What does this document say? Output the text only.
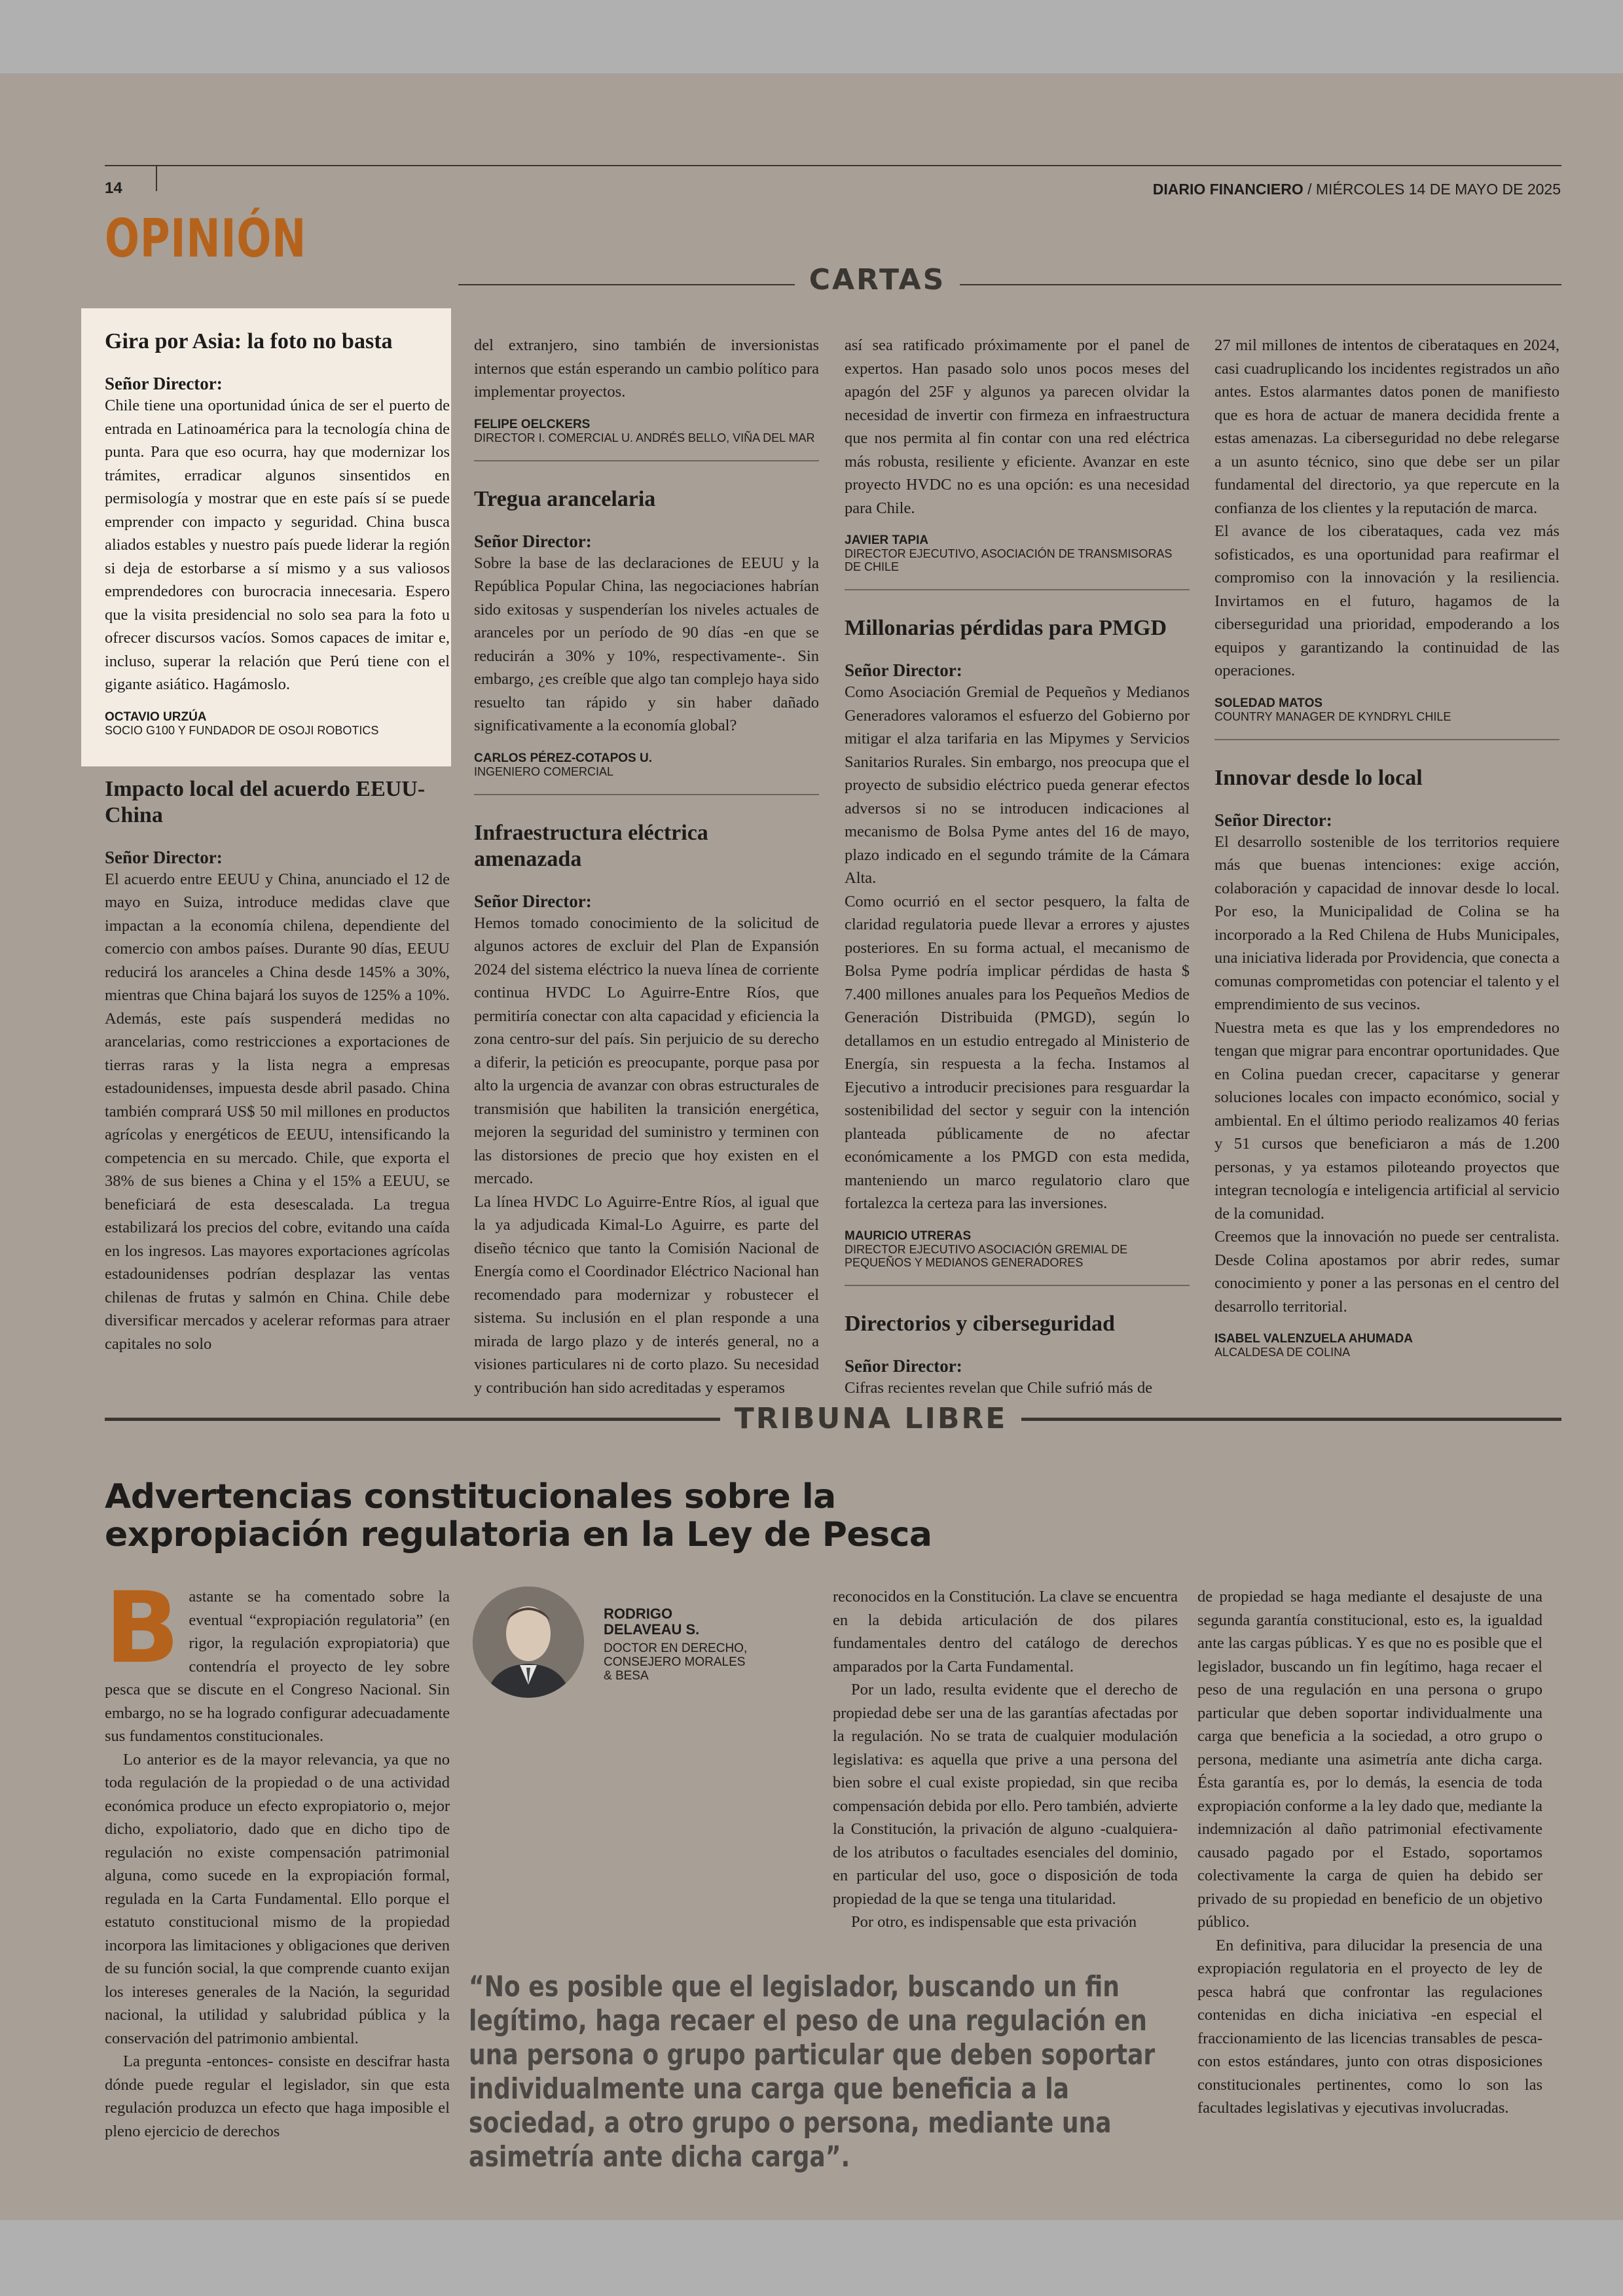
14	DIARIO FINANCIERO / MIÉRCOLES 14 DE MAYO DE 2025
OPINIÓN
CARTAS
Gira por Asia: la foto no basta
Señor Director:

Chile tiene una oportunidad única de ser el puerto de entrada en Latinoamérica para la tecnología china de punta. Para que eso ocurra, hay que modernizar los trámites, erradicar algunos sinsentidos en permisología y mostrar que en este país sí se puede emprender con impacto y seguridad. China busca aliados estables y nuestro país puede liderar la región si deja de estorbarse a sí mismo y a sus valiosos emprendedores con burocracia innecesaria. Espero que la visita presidencial no solo sea para la foto u ofrecer discursos vacíos. Somos capaces de imitar e, incluso, superar la relación que Perú tiene con el gigante asiático. Hagámoslo.

OCTAVIO URZÚA
SOCIO G100 Y FUNDADOR DE OSOJI ROBOTICS
Impacto local del acuerdo EEUU-China
Señor Director:

El acuerdo entre EEUU y China, anunciado el 12 de mayo en Suiza, introduce medidas clave que impactan a la economía chilena, dependiente del comercio con ambos países. Durante 90 días, EEUU reducirá los aranceles a China desde 145% a 30%, mientras que China bajará los suyos de 125% a 10%. Además, este país suspenderá medidas no arancelarias, como restricciones a exportaciones de tierras raras y la lista negra a empresas estadounidenses, impuesta desde abril pasado. China también comprará US$ 50 mil millones en productos agrícolas y energéticos de EEUU, intensificando la competencia en su mercado. Chile, que exporta el 38% de sus bienes a China y el 15% a EEUU, se beneficiará de esta desescalada. La tregua estabilizará los precios del cobre, evitando una caída en los ingresos. Las mayores exportaciones agrícolas estadounidenses podrían desplazar las ventas chilenas de frutas y salmón en China. Chile debe diversificar mercados y acelerar reformas para atraer capitales no solo

del extranjero, sino también de inversionistas internos que están esperando un cambio político para implementar proyectos.

FELIPE OELCKERS
DIRECTOR I. COMERCIAL U. ANDRÉS BELLO, VIÑA DEL MAR
Tregua arancelaria
Señor Director:

Sobre la base de las declaraciones de EEUU y la República Popular China, las negociaciones habrían sido exitosas y suspenderían los niveles actuales de aranceles por un período de 90 días -en que se reducirán a 30% y 10%, respectivamente-. Sin embargo, ¿es creíble que algo tan complejo haya sido resuelto tan rápido y sin haber dañado significativamente a la economía global?

CARLOS PÉREZ-COTAPOS U.
INGENIERO COMERCIAL
Infraestructura eléctrica amenazada
Señor Director:

Hemos tomado conocimiento de la solicitud de algunos actores de excluir del Plan de Expansión 2024 del sistema eléctrico la nueva línea de corriente continua HVDC Lo Aguirre-Entre Ríos, que permitiría conectar con alta capacidad y eficiencia la zona centro-sur del país. Sin perjuicio de su derecho a diferir, la petición es preocupante, porque pasa por alto la urgencia de avanzar con obras estructurales de transmisión que habiliten la transición energética, mejoren la seguridad del suministro y terminen con las distorsiones de precio que hoy existen en el mercado.

La línea HVDC Lo Aguirre-Entre Ríos, al igual que la ya adjudicada Kimal-Lo Aguirre, es parte del diseño técnico que tanto la Comisión Nacional de Energía como el Coordinador Eléctrico Nacional han recomendado para modernizar y robustecer el sistema. Su inclusión en el plan responde a una mirada de largo plazo y de interés general, no a visiones particulares ni de corto plazo. Su necesidad y contribución han sido acreditadas y esperamos

así sea ratificado próximamente por el panel de expertos. Han pasado solo unos pocos meses del apagón del 25F y algunos ya parecen olvidar la necesidad de invertir con firmeza en infraestructura que nos permita al fin contar con una red eléctrica más robusta, resiliente y eficiente. Avanzar en este proyecto HVDC no es una opción: es una necesidad para Chile.

JAVIER TAPIA
DIRECTOR EJECUTIVO, ASOCIACIÓN DE TRANSMISORAS DE CHILE
Millonarias pérdidas para PMGD
Señor Director:

Como Asociación Gremial de Pequeños y Medianos Generadores valoramos el esfuerzo del Gobierno por mitigar el alza tarifaria en las Mipymes y Servicios Sanitarios Rurales. Sin embargo, nos preocupa que el proyecto de subsidio eléctrico pueda generar efectos adversos si no se introducen indicaciones al mecanismo de Bolsa Pyme antes del 16 de mayo, plazo indicado en el segundo trámite de la Cámara Alta.

Como ocurrió en el sector pesquero, la falta de claridad regulatoria puede llevar a errores y ajustes posteriores. En su forma actual, el mecanismo de Bolsa Pyme podría implicar pérdidas de hasta $ 7.400 millones anuales para los Pequeños Medios de Generación Distribuida (PMGD), según lo detallamos en un estudio entregado al Ministerio de Energía, sin respuesta a la fecha. Instamos al Ejecutivo a introducir precisiones para resguardar la sostenibilidad del sector y seguir con la intención planteada públicamente de no afectar económicamente a los PMGD con esta medida, manteniendo un marco regulatorio claro que fortalezca la certeza para las inversiones.

MAURICIO UTRERAS
DIRECTOR EJECUTIVO ASOCIACIÓN GREMIAL DE PEQUEÑOS Y MEDIANOS GENERADORES
Directorios y ciberseguridad
Señor Director:

Cifras recientes revelan que Chile sufrió más de

27 mil millones de intentos de ciberataques en 2024, casi cuadruplicando los incidentes registrados un año antes. Estos alarmantes datos ponen de manifiesto que es hora de actuar de manera decidida frente a estas amenazas. La ciberseguridad no debe relegarse a un asunto técnico, sino que debe ser un pilar fundamental del directorio, ya que repercute en la confianza de los clientes y la reputación de marca.

El avance de los ciberataques, cada vez más sofisticados, es una oportunidad para reafirmar el compromiso con la innovación y la resiliencia. Invirtamos en el futuro, hagamos de la ciberseguridad una prioridad, empoderando a los equipos y garantizando la continuidad de las operaciones.

SOLEDAD MATOS
COUNTRY MANAGER DE KYNDRYL CHILE
Innovar desde lo local
Señor Director:

El desarrollo sostenible de los territorios requiere más que buenas intenciones: exige acción, colaboración y capacidad de innovar desde lo local. Por eso, la Municipalidad de Colina se ha incorporado a la Red Chilena de Hubs Municipales, una iniciativa liderada por Providencia, que conecta a comunas comprometidas con potenciar el talento y el emprendimiento de sus vecinos.

Nuestra meta es que las y los emprendedores no tengan que migrar para encontrar oportunidades. Que en Colina puedan crecer, capacitarse y generar soluciones locales con impacto económico, social y ambiental. En el último periodo realizamos 40 ferias y 51 cursos que beneficiaron a más de 1.200 personas, y ya estamos piloteando proyectos que integran tecnología e inteligencia artificial al servicio de la comunidad.

Creemos que la innovación no puede ser centralista. Desde Colina apostamos por abrir redes, sumar conocimiento y poner a las personas en el centro del desarrollo territorial.

ISABEL VALENZUELA AHUMADA
ALCALDESA DE COLINA
TRIBUNA LIBRE
Advertencias constitucionales sobre la
expropiación regulatoria en la Ley de Pesca

Bastante se ha comentado sobre la eventual “expropiación regulatoria” (en rigor, la regulación expropiatoria) que contendría el proyecto de ley sobre pesca que se discute en el Congreso Nacional. Sin embargo, no se ha logrado configurar adecuadamente sus fundamentos constitucionales.

Lo anterior es de la mayor relevancia, ya que no toda regulación de la propiedad o de una actividad económica produce un efecto expropiatorio o, mejor dicho, expoliatorio, dado que en dicho tipo de regulación no existe compensación patrimonial alguna, como sucede en la expropiación formal, regulada en la Carta Fundamental. Ello porque el estatuto constitucional mismo de la propiedad incorpora las limitaciones y obligaciones que deriven de su función social, la que comprende cuanto exijan los intereses generales de la Nación, la seguridad nacional, la utilidad y salubridad pública y la conservación del patrimonio ambiental.

La pregunta -entonces- consiste en descifrar hasta dónde puede regular el legislador, sin que esta regulación produzca un efecto que haga imposible el pleno ejercicio de derechos

RODRIGO
DELAVEAU S.
DOCTOR EN DERECHO,
CONSEJERO MORALES
& BESA

reconocidos en la Constitución. La clave se encuentra en la debida articulación de dos pilares fundamentales dentro del catálogo de derechos amparados por la Carta Fundamental.

Por un lado, resulta evidente que el derecho de propiedad debe ser una de las garantías afectadas por la regulación. No se trata de cualquier modulación legislativa: es aquella que prive a una persona del bien sobre el cual existe propiedad, sin que reciba compensación debida por ello. Pero también, advierte la Constitución, la privación de alguno -cualquiera- de los atributos o facultades esenciales del dominio, en particular del uso, goce o disposición de toda propiedad de la que se tenga una titularidad.

Por otro, es indispensable que esta privación

de propiedad se haga mediante el desajuste de una segunda garantía constitucional, esto es, la igualdad ante las cargas públicas. Y es que no es posible que el legislador, buscando un fin legítimo, haga recaer el peso de una regulación en una persona o grupo particular que deben soportar individualmente una carga que beneficia a la sociedad, a otro grupo o persona, mediante una asimetría ante dicha carga. Ésta garantía es, por lo demás, la esencia de toda expropiación conforme a la ley dado que, mediante la indemnización al daño patrimonial efectivamente causado pagado por el Estado, soportamos colectivamente la carga de quien ha debido ser privado de su propiedad en beneficio de un objetivo público.

En definitiva, para dilucidar la presencia de una expropiación regulatoria en el proyecto de ley de pesca habrá que confrontar las regulaciones contenidas en dicha iniciativa -en especial el fraccionamiento de las licencias transables de pesca- con estos estándares, junto con otras disposiciones constitucionales pertinentes, como lo son las facultades legislativas y ejecutivas involucradas.

“No es posible que el legislador, buscando un fin legítimo, haga recaer el peso de una regulación en una persona o grupo particular que deben soportar individualmente una carga que beneficia a la sociedad, a otro grupo o persona, mediante una asimetría ante dicha carga”.
